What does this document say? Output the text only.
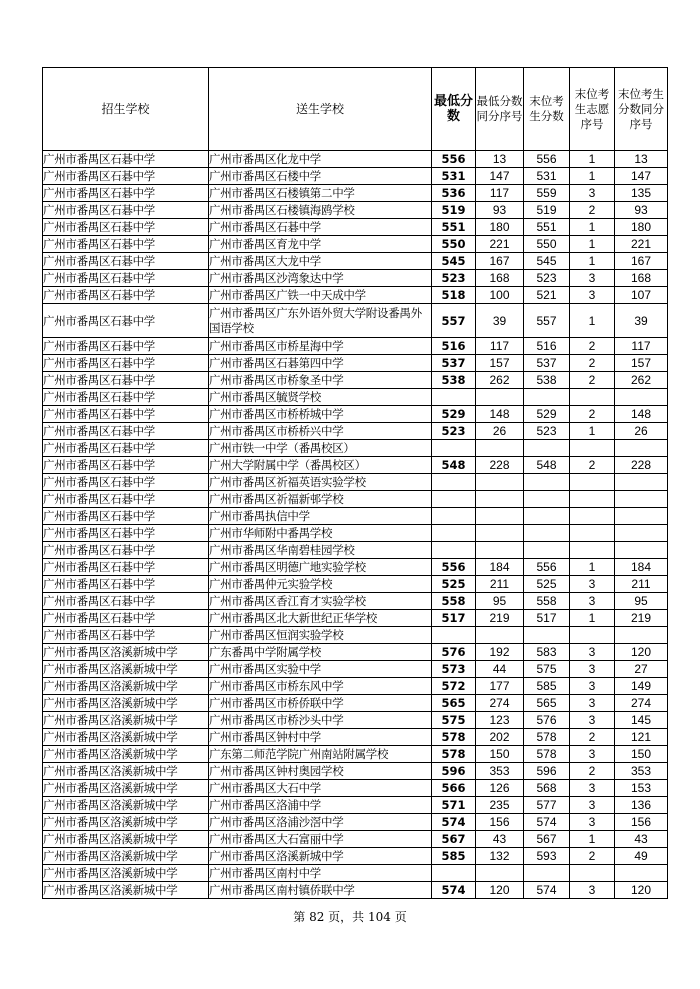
招生学校	送生学校	最低分数	最低分数同分序号	末位考生分数	末位考生志愿序号	末位考生分数同分序号
广州市番禺区石碁中学	广州市番禺区化龙中学	556	13	556	1	13
广州市番禺区石碁中学	广州市番禺区石楼中学	531	147	531	1	147
广州市番禺区石碁中学	广州市番禺区石楼镇第二中学	536	117	559	3	135
广州市番禺区石碁中学	广州市番禺区石楼镇海鸥学校	519	93	519	2	93
广州市番禺区石碁中学	广州市番禺区石碁中学	551	180	551	1	180
广州市番禺区石碁中学	广州市番禺区育龙中学	550	221	550	1	221
广州市番禺区石碁中学	广州市番禺区大龙中学	545	167	545	1	167
广州市番禺区石碁中学	广州市番禺区沙湾象达中学	523	168	523	3	168
广州市番禺区石碁中学	广州市番禺区广铁一中天成中学	518	100	521	3	107
广州市番禺区石碁中学	广州市番禺区广东外语外贸大学附设番禺外国语学校	557	39	557	1	39
广州市番禺区石碁中学	广州市番禺区市桥星海中学	516	117	516	2	117
广州市番禺区石碁中学	广州市番禺区石碁第四中学	537	157	537	2	157
广州市番禺区石碁中学	广州市番禺区市桥象圣中学	538	262	538	2	262
广州市番禺区石碁中学	广州市番禺区毓贤学校					
广州市番禺区石碁中学	广州市番禺区市桥桥城中学	529	148	529	2	148
广州市番禺区石碁中学	广州市番禺区市桥桥兴中学	523	26	523	1	26
广州市番禺区石碁中学	广州市铁一中学（番禺校区）					
广州市番禺区石碁中学	广州大学附属中学（番禺校区）	548	228	548	2	228
广州市番禺区石碁中学	广州市番禺区祈福英语实验学校					
广州市番禺区石碁中学	广州市番禺区祈福新邨学校					
广州市番禺区石碁中学	广州市番禺执信中学					
广州市番禺区石碁中学	广州市华师附中番禺学校					
广州市番禺区石碁中学	广州市番禺区华南碧桂园学校					
广州市番禺区石碁中学	广州市番禺区明德广地实验学校	556	184	556	1	184
广州市番禺区石碁中学	广州市番禺仲元实验学校	525	211	525	3	211
广州市番禺区石碁中学	广州市番禺区香江育才实验学校	558	95	558	3	95
广州市番禺区石碁中学	广州市番禺区北大新世纪正华学校	517	219	517	1	219
广州市番禺区石碁中学	广州市番禺区恒润实验学校					
广州市番禺区洛溪新城中学	广东番禺中学附属学校	576	192	583	3	120
广州市番禺区洛溪新城中学	广州市番禺区实验中学	573	44	575	3	27
广州市番禺区洛溪新城中学	广州市番禺区市桥东风中学	572	177	585	3	149
广州市番禺区洛溪新城中学	广州市番禺区市桥侨联中学	565	274	565	3	274
广州市番禺区洛溪新城中学	广州市番禺区市桥沙头中学	575	123	576	3	145
广州市番禺区洛溪新城中学	广州市番禺区钟村中学	578	202	578	2	121
广州市番禺区洛溪新城中学	广东第二师范学院广州南站附属学校	578	150	578	3	150
广州市番禺区洛溪新城中学	广州市番禺区钟村奥园学校	596	353	596	2	353
广州市番禺区洛溪新城中学	广州市番禺区大石中学	566	126	568	3	153
广州市番禺区洛溪新城中学	广州市番禺区洛浦中学	571	235	577	3	136
广州市番禺区洛溪新城中学	广州市番禺区洛浦沙滘中学	574	156	574	3	156
广州市番禺区洛溪新城中学	广州市番禺区大石富丽中学	567	43	567	1	43
广州市番禺区洛溪新城中学	广州市番禺区洛溪新城中学	585	132	593	2	49
广州市番禺区洛溪新城中学	广州市番禺区南村中学					
广州市番禺区洛溪新城中学	广州市番禺区南村镇侨联中学	574	120	574	3	120
第 82 页，共 104 页
